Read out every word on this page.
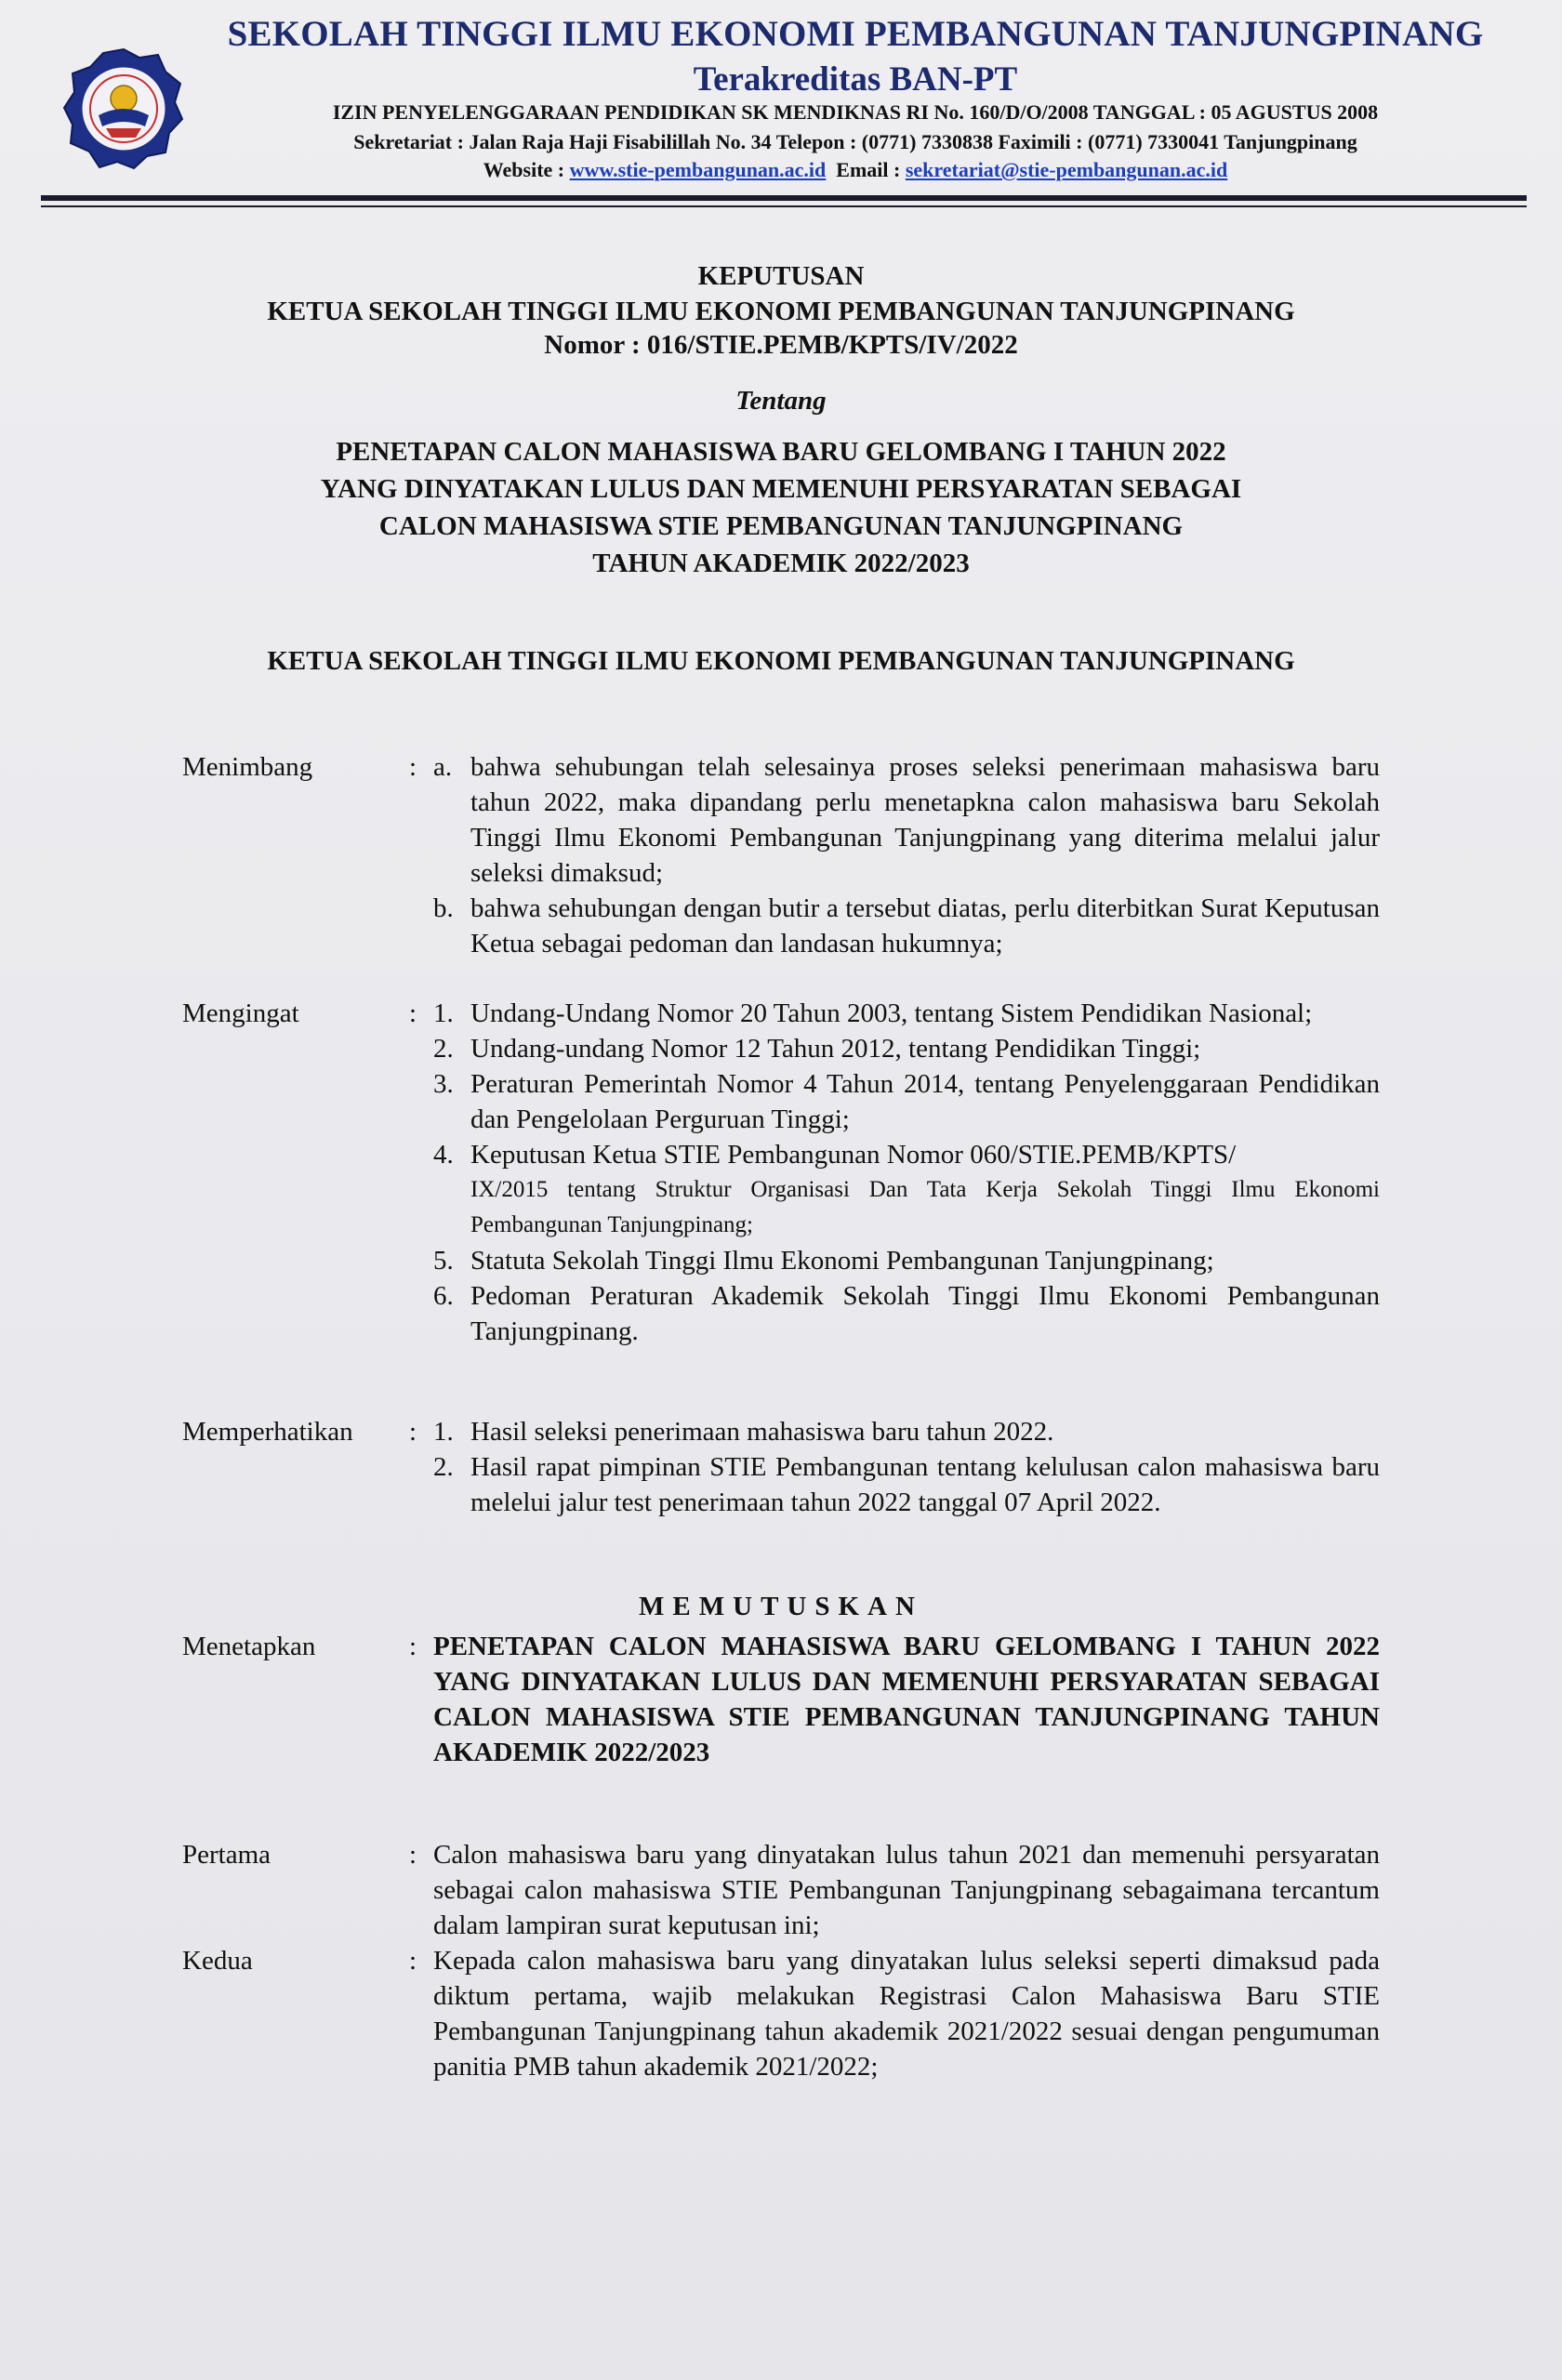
SEKOLAH TINGGI ILMU EKONOMI PEMBANGUNAN TANJUNGPINANG
Terakreditas BAN-PT
IZIN PENYELENGGARAAN PENDIDIKAN SK MENDIKNAS RI No. 160/D/O/2008 TANGGAL : 05 AGUSTUS 2008
Sekretariat : Jalan Raja Haji Fisabilillah No. 34 Telepon : (0771) 7330838 Faximili : (0771) 7330041 Tanjungpinang
Website : www.stie-pembangunan.ac.id Email : sekretariat@stie-pembangunan.ac.id
KEPUTUSAN
KETUA SEKOLAH TINGGI ILMU EKONOMI PEMBANGUNAN TANJUNGPINANG
Nomor : 016/STIE.PEMB/KPTS/IV/2022
Tentang
PENETAPAN CALON MAHASISWA BARU GELOMBANG I TAHUN 2022
YANG DINYATAKAN LULUS DAN MEMENUHI PERSYARATAN SEBAGAI
CALON MAHASISWA STIE PEMBANGUNAN TANJUNGPINANG
TAHUN AKADEMIK 2022/2023
KETUA SEKOLAH TINGGI ILMU EKONOMI PEMBANGUNAN TANJUNGPINANG
Menimbang	: a. bahwa sehubungan telah selesainya proses seleksi penerimaan mahasiswa baru tahun 2022, maka dipandang perlu menetapkna calon mahasiswa baru Sekolah Tinggi Ilmu Ekonomi Pembangunan Tanjungpinang yang diterima melalui jalur seleksi dimaksud;
b. bahwa sehubungan dengan butir a tersebut diatas, perlu diterbitkan Surat Keputusan Ketua sebagai pedoman dan landasan hukumnya;
Mengingat	: 1. Undang-Undang Nomor 20 Tahun 2003, tentang Sistem Pendidikan Nasional;
2. Undang-undang Nomor 12 Tahun 2012, tentang Pendidikan Tinggi;
3. Peraturan Pemerintah Nomor 4 Tahun 2014, tentang Penyelenggaraan Pendidikan dan Pengelolaan Perguruan Tinggi;
4. Keputusan Ketua STIE Pembangunan Nomor 060/STIE.PEMB/KPTS/
IX/2015 tentang Struktur Organisasi Dan Tata Kerja Sekolah Tinggi Ilmu Ekonomi Pembangunan Tanjungpinang;
5. Statuta Sekolah Tinggi Ilmu Ekonomi Pembangunan Tanjungpinang;
6. Pedoman Peraturan Akademik Sekolah Tinggi Ilmu Ekonomi Pembangunan Tanjungpinang.
Memperhatikan : 1. Hasil seleksi penerimaan mahasiswa baru tahun 2022.
2. Hasil rapat pimpinan STIE Pembangunan tentang kelulusan calon mahasiswa baru melelui jalur test penerimaan tahun 2022 tanggal 07 April 2022.
MEMUTUSKAN
Menetapkan	: PENETAPAN CALON MAHASISWA BARU GELOMBANG I TAHUN 2022 YANG DINYATAKAN LULUS DAN MEMENUHI PERSYARATAN SEBAGAI CALON MAHASISWA STIE PEMBANGUNAN TANJUNGPINANG TAHUN AKADEMIK 2022/2023
Pertama	: Calon mahasiswa baru yang dinyatakan lulus tahun 2021 dan memenuhi persyaratan sebagai calon mahasiswa STIE Pembangunan Tanjungpinang sebagaimana tercantum dalam lampiran surat keputusan ini;
Kedua	: Kepada calon mahasiswa baru yang dinyatakan lulus seleksi seperti dimaksud pada diktum pertama, wajib melakukan Registrasi Calon Mahasiswa Baru STIE Pembangunan Tanjungpinang tahun akademik 2021/2022 sesuai dengan pengumuman panitia PMB tahun akademik 2021/2022;
